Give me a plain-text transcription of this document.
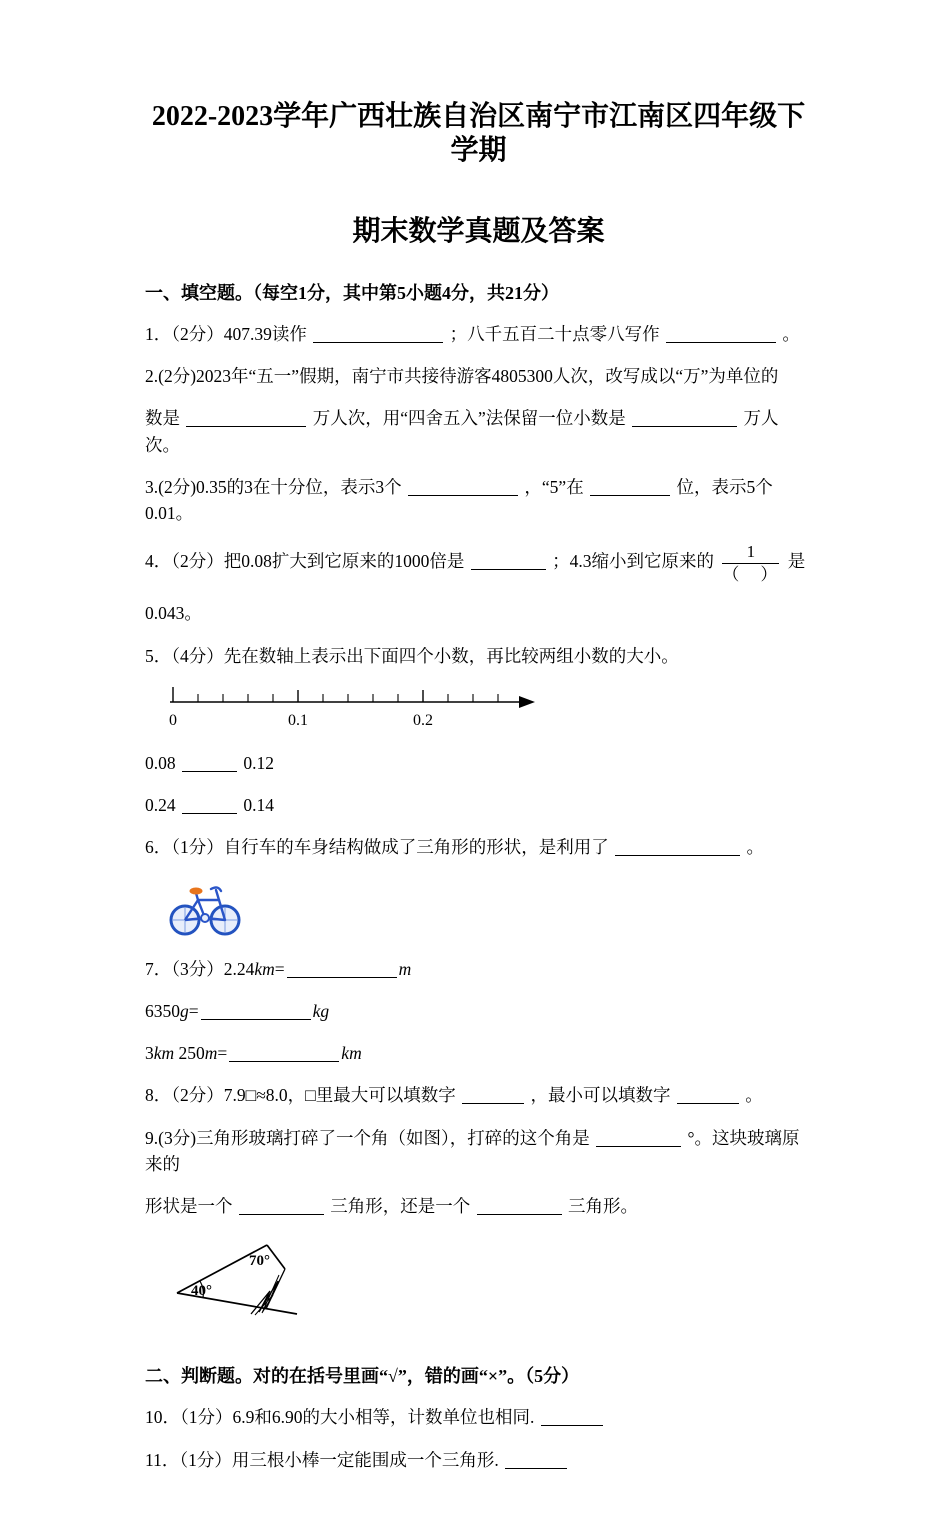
2022-2023学年广西壮族自治区南宁市江南区四年级下学期
期末数学真题及答案
一、填空题。（每空1分，其中第5小题4分，共21分）

1．（2分）407.39读作	；八千五百二十点零八写作	。

2.(2分)2023年“五一”假期，南宁市共接待游客4805300人次，改写成以“万”为单位的

数是	万人次，用“四舍五入”法保留一位小数是	万人次。

3.(2分)0.35的3在十分位，表示3个	，“5”在	位，表示5个0.01。

4．（2分）把0.08扩大到它原来的1000倍是	；4.3缩小到它原来的 $\frac{1}{( )}$ 是

0.043。

5．（4分）先在数轴上表示出下面四个小数，再比较两组小数的大小。

0	0.1	0.2

0.08	0.12

0.24	0.14

6．（1分）自行车的车身结构做成了三角形的形状，是利用了	。

7．（3分）2.24km=	m

6350g=	kg

3km 250m=	km

8．（2分）7.9□≈8.0，□里最大可以填数字	，最小可以填数字	。

9.(3分)三角形玻璃打碎了一个角（如图），打碎的这个角是	°。这块玻璃原来的

形状是一个	三角形，还是一个	三角形。

40°
70°
二、判断题。对的在括号里画“√”，错的画“×”。（5分）

10．（1分）6.9和6.90的大小相等，计数单位也相同.

11．（1分）用三根小棒一定能围成一个三角形.
